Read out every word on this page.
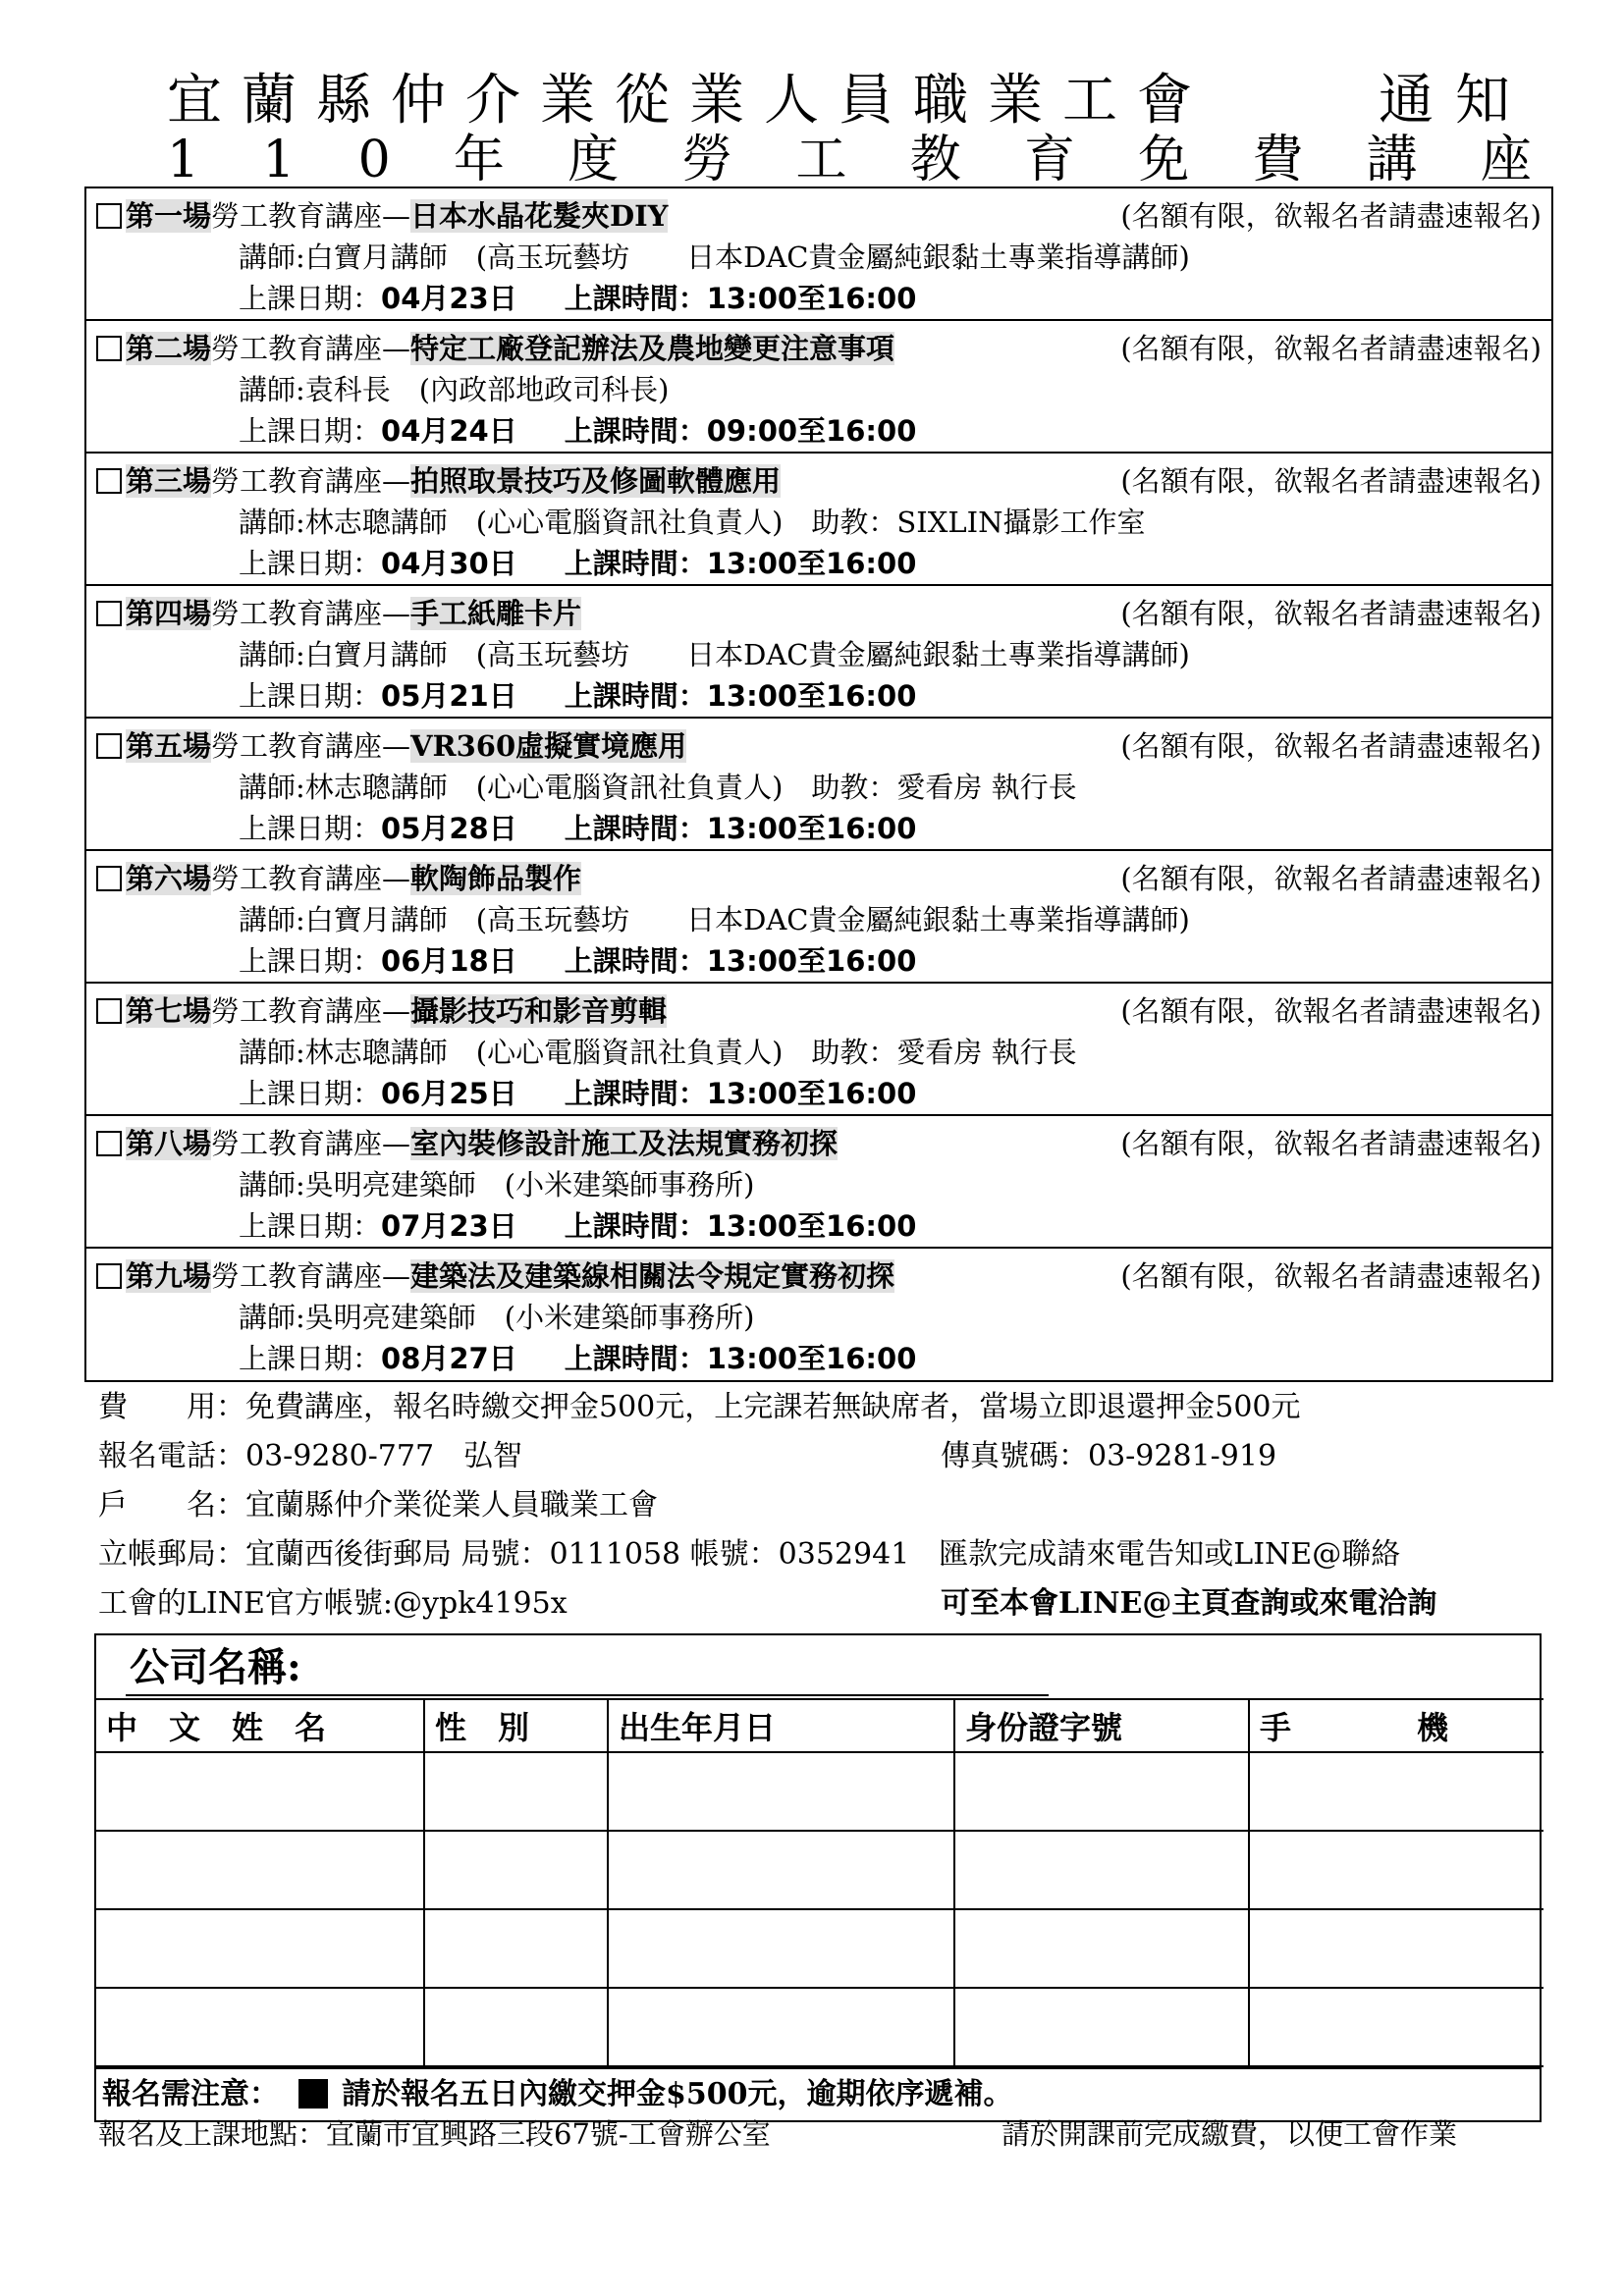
宜蘭縣仲介業從業人員職業工會	通知
1 1 0 年 度 勞 工 教 育 免 費 講 座
第一場勞工教育講座—日本水晶花髮夾DIY	(名額有限，欲報名者請盡速報名)
講師:白寶月講師　(高玉玩藝坊　　日本DAC貴金屬純銀黏土專業指導講師)
上課日期：04月23日 上課時間：13:00至16:00
第二場勞工教育講座—特定工廠登記辦法及農地變更注意事項	(名額有限，欲報名者請盡速報名)
講師:袁科長　(內政部地政司科長)
上課日期：04月24日 上課時間：09:00至16:00
第三場勞工教育講座—拍照取景技巧及修圖軟體應用	(名額有限，欲報名者請盡速報名)
講師:林志聰講師　(心心電腦資訊社負責人)　助教：SIXLIN攝影工作室
上課日期：04月30日 上課時間：13:00至16:00
第四場勞工教育講座—手工紙雕卡片	(名額有限，欲報名者請盡速報名)
講師:白寶月講師　(高玉玩藝坊　　日本DAC貴金屬純銀黏土專業指導講師)
上課日期：05月21日 上課時間：13:00至16:00
第五場勞工教育講座—VR360虛擬實境應用	(名額有限，欲報名者請盡速報名)
講師:林志聰講師　(心心電腦資訊社負責人)　助教：愛看房 執行長
上課日期：05月28日 上課時間：13:00至16:00
第六場勞工教育講座—軟陶飾品製作	(名額有限，欲報名者請盡速報名)
講師:白寶月講師　(高玉玩藝坊　　日本DAC貴金屬純銀黏土專業指導講師)
上課日期：06月18日 上課時間：13:00至16:00
第七場勞工教育講座—攝影技巧和影音剪輯	(名額有限，欲報名者請盡速報名)
講師:林志聰講師　(心心電腦資訊社負責人)　助教：愛看房 執行長
上課日期：06月25日 上課時間：13:00至16:00
第八場勞工教育講座—室內裝修設計施工及法規實務初探	(名額有限，欲報名者請盡速報名)
講師:吳明亮建築師　(小米建築師事務所)
上課日期：07月23日 上課時間：13:00至16:00
第九場勞工教育講座—建築法及建築線相關法令規定實務初探	(名額有限，欲報名者請盡速報名)
講師:吳明亮建築師　(小米建築師事務所)
上課日期：08月27日 上課時間：13:00至16:00
費　　用：免費講座，報名時繳交押金500元，上完課若無缺席者，當場立即退還押金500元
報名電話：03-9280-777　弘智	傳真號碼：03-9281-919
戶　　名：宜蘭縣仲介業從業人員職業工會
立帳郵局：宜蘭西後街郵局 局號：0111058 帳號：0352941　匯款完成請來電告知或LINE@聯絡
工會的LINE官方帳號:@ypk4195x	可至本會LINE@主頁查詢或來電洽詢
公司名稱:
中　文　姓　名	性　別	出生年月日	身份證字號	手　　　　機

報名需注意： 請於報名五日內繳交押金$500元，逾期依序遞補。
報名及上課地點：宜蘭市宜興路三段67號-工會辦公室	請於開課前完成繳費，以便工會作業
